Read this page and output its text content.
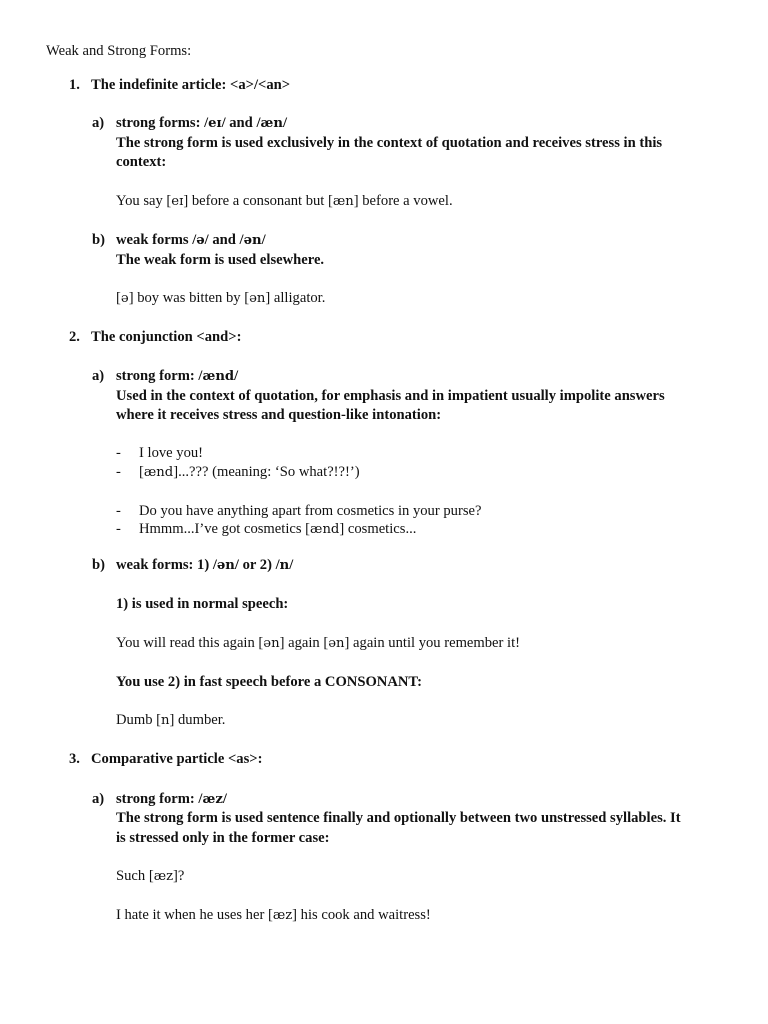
Weak and Strong Forms:
1. The indefinite article: <a>/<an>
a) strong forms: /eɪ/ and /æn/
The strong form is used exclusively in the context of quotation and receives stress in this
context:
You say [eɪ] before a consonant but [æn] before a vowel.
b) weak forms /ə/ and /ən/
The weak form is used elsewhere.
[ə] boy was bitten by [ən] alligator.
2. The conjunction <and>:
a) strong form: /ænd/
Used in the context of quotation, for emphasis and in impatient usually impolite answers
where it receives stress and question-like intonation:
- I love you!
- [ænd]...??? (meaning: ‘So what?!?!’)
- Do you have anything apart from cosmetics in your purse?
- Hmmm...I’ve got cosmetics [ænd] cosmetics...
b) weak forms: 1) /ən/ or 2) /n/
1) is used in normal speech:
You will read this again [ən] again [ən] again until you remember it!
You use 2) in fast speech before a CONSONANT:
Dumb [n] dumber.
3. Comparative particle <as>:
a) strong form: /æz/
The strong form is used sentence finally and optionally between two unstressed syllables. It
is stressed only in the former case:
Such [æz]?
I hate it when he uses her [æz] his cook and waitress!
